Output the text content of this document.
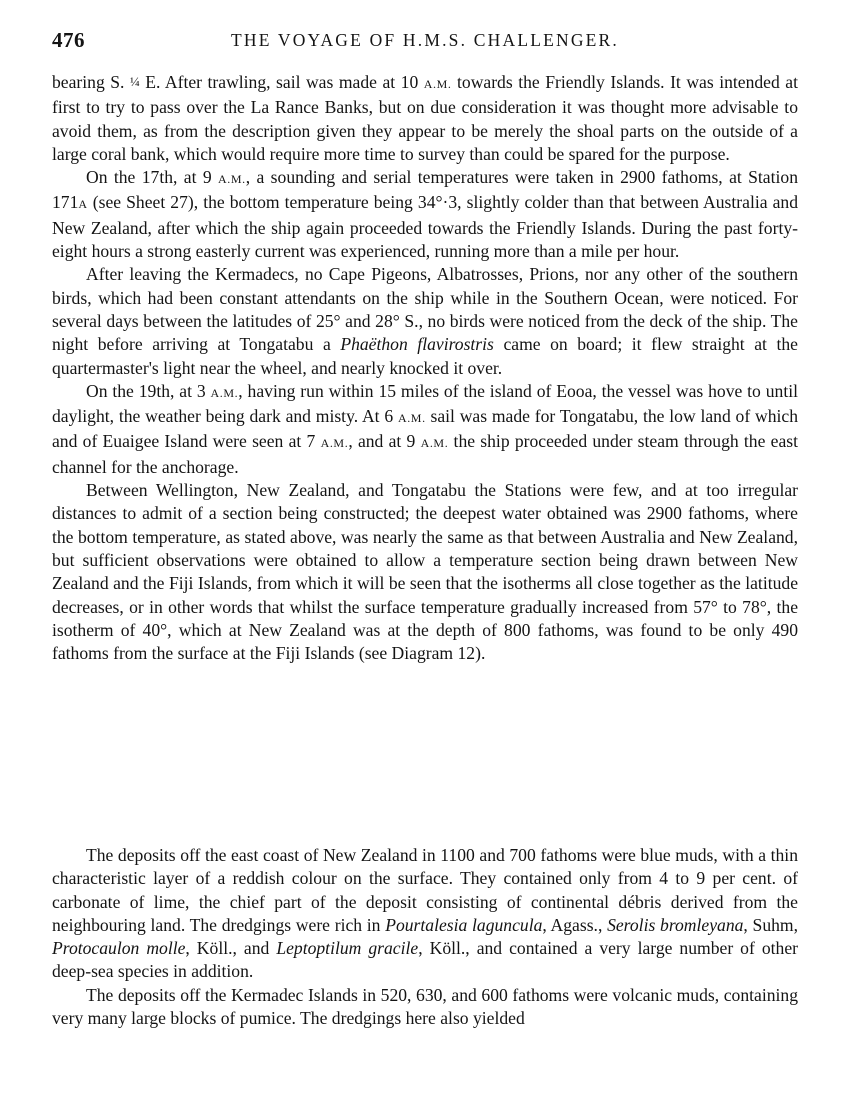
476	THE VOYAGE OF H.M.S. CHALLENGER.

bearing S. ¼ E. After trawling, sail was made at 10 A.M. towards the Friendly Islands. It was intended at first to try to pass over the La Rance Banks, but on due consideration it was thought more advisable to avoid them, as from the description given they appear to be merely the shoal parts on the outside of a large coral bank, which would require more time to survey than could be spared for the purpose.

On the 17th, at 9 A.M., a sounding and serial temperatures were taken in 2900 fathoms, at Station 171A (see Sheet 27), the bottom temperature being 34°·3, slightly colder than that between Australia and New Zealand, after which the ship again proceeded towards the Friendly Islands. During the past forty-eight hours a strong easterly current was experienced, running more than a mile per hour.

After leaving the Kermadecs, no Cape Pigeons, Albatrosses, Prions, nor any other of the southern birds, which had been constant attendants on the ship while in the Southern Ocean, were noticed. For several days between the latitudes of 25° and 28° S., no birds were noticed from the deck of the ship. The night before arriving at Tongatabu a Phaëthon flavirostris came on board; it flew straight at the quartermaster's light near the wheel, and nearly knocked it over.

On the 19th, at 3 A.M., having run within 15 miles of the island of Eooa, the vessel was hove to until daylight, the weather being dark and misty. At 6 A.M. sail was made for Tongatabu, the low land of which and of Euaigee Island were seen at 7 A.M., and at 9 A.M. the ship proceeded under steam through the east channel for the anchorage.

Between Wellington, New Zealand, and Tongatabu the Stations were few, and at too irregular distances to admit of a section being constructed; the deepest water obtained was 2900 fathoms, where the bottom temperature, as stated above, was nearly the same as that between Australia and New Zealand, but sufficient observations were obtained to allow a temperature section being drawn between New Zealand and the Fiji Islands, from which it will be seen that the isotherms all close together as the latitude decreases, or in other words that whilst the surface temperature gradually increased from 57° to 78°, the isotherm of 40°, which at New Zealand was at the depth of 800 fathoms, was found to be only 490 fathoms from the surface at the Fiji Islands (see Diagram 12).

The deposits off the east coast of New Zealand in 1100 and 700 fathoms were blue muds, with a thin characteristic layer of a reddish colour on the surface. They contained only from 4 to 9 per cent. of carbonate of lime, the chief part of the deposit consisting of continental débris derived from the neighbouring land. The dredgings were rich in Pourtalesia laguncula, Agass., Serolis bromleyana, Suhm, Protocaulon molle, Köll., and Leptoptilum gracile, Köll., and contained a very large number of other deep-sea species in addition.

The deposits off the Kermadec Islands in 520, 630, and 600 fathoms were volcanic muds, containing very many large blocks of pumice. The dredgings here also yielded
